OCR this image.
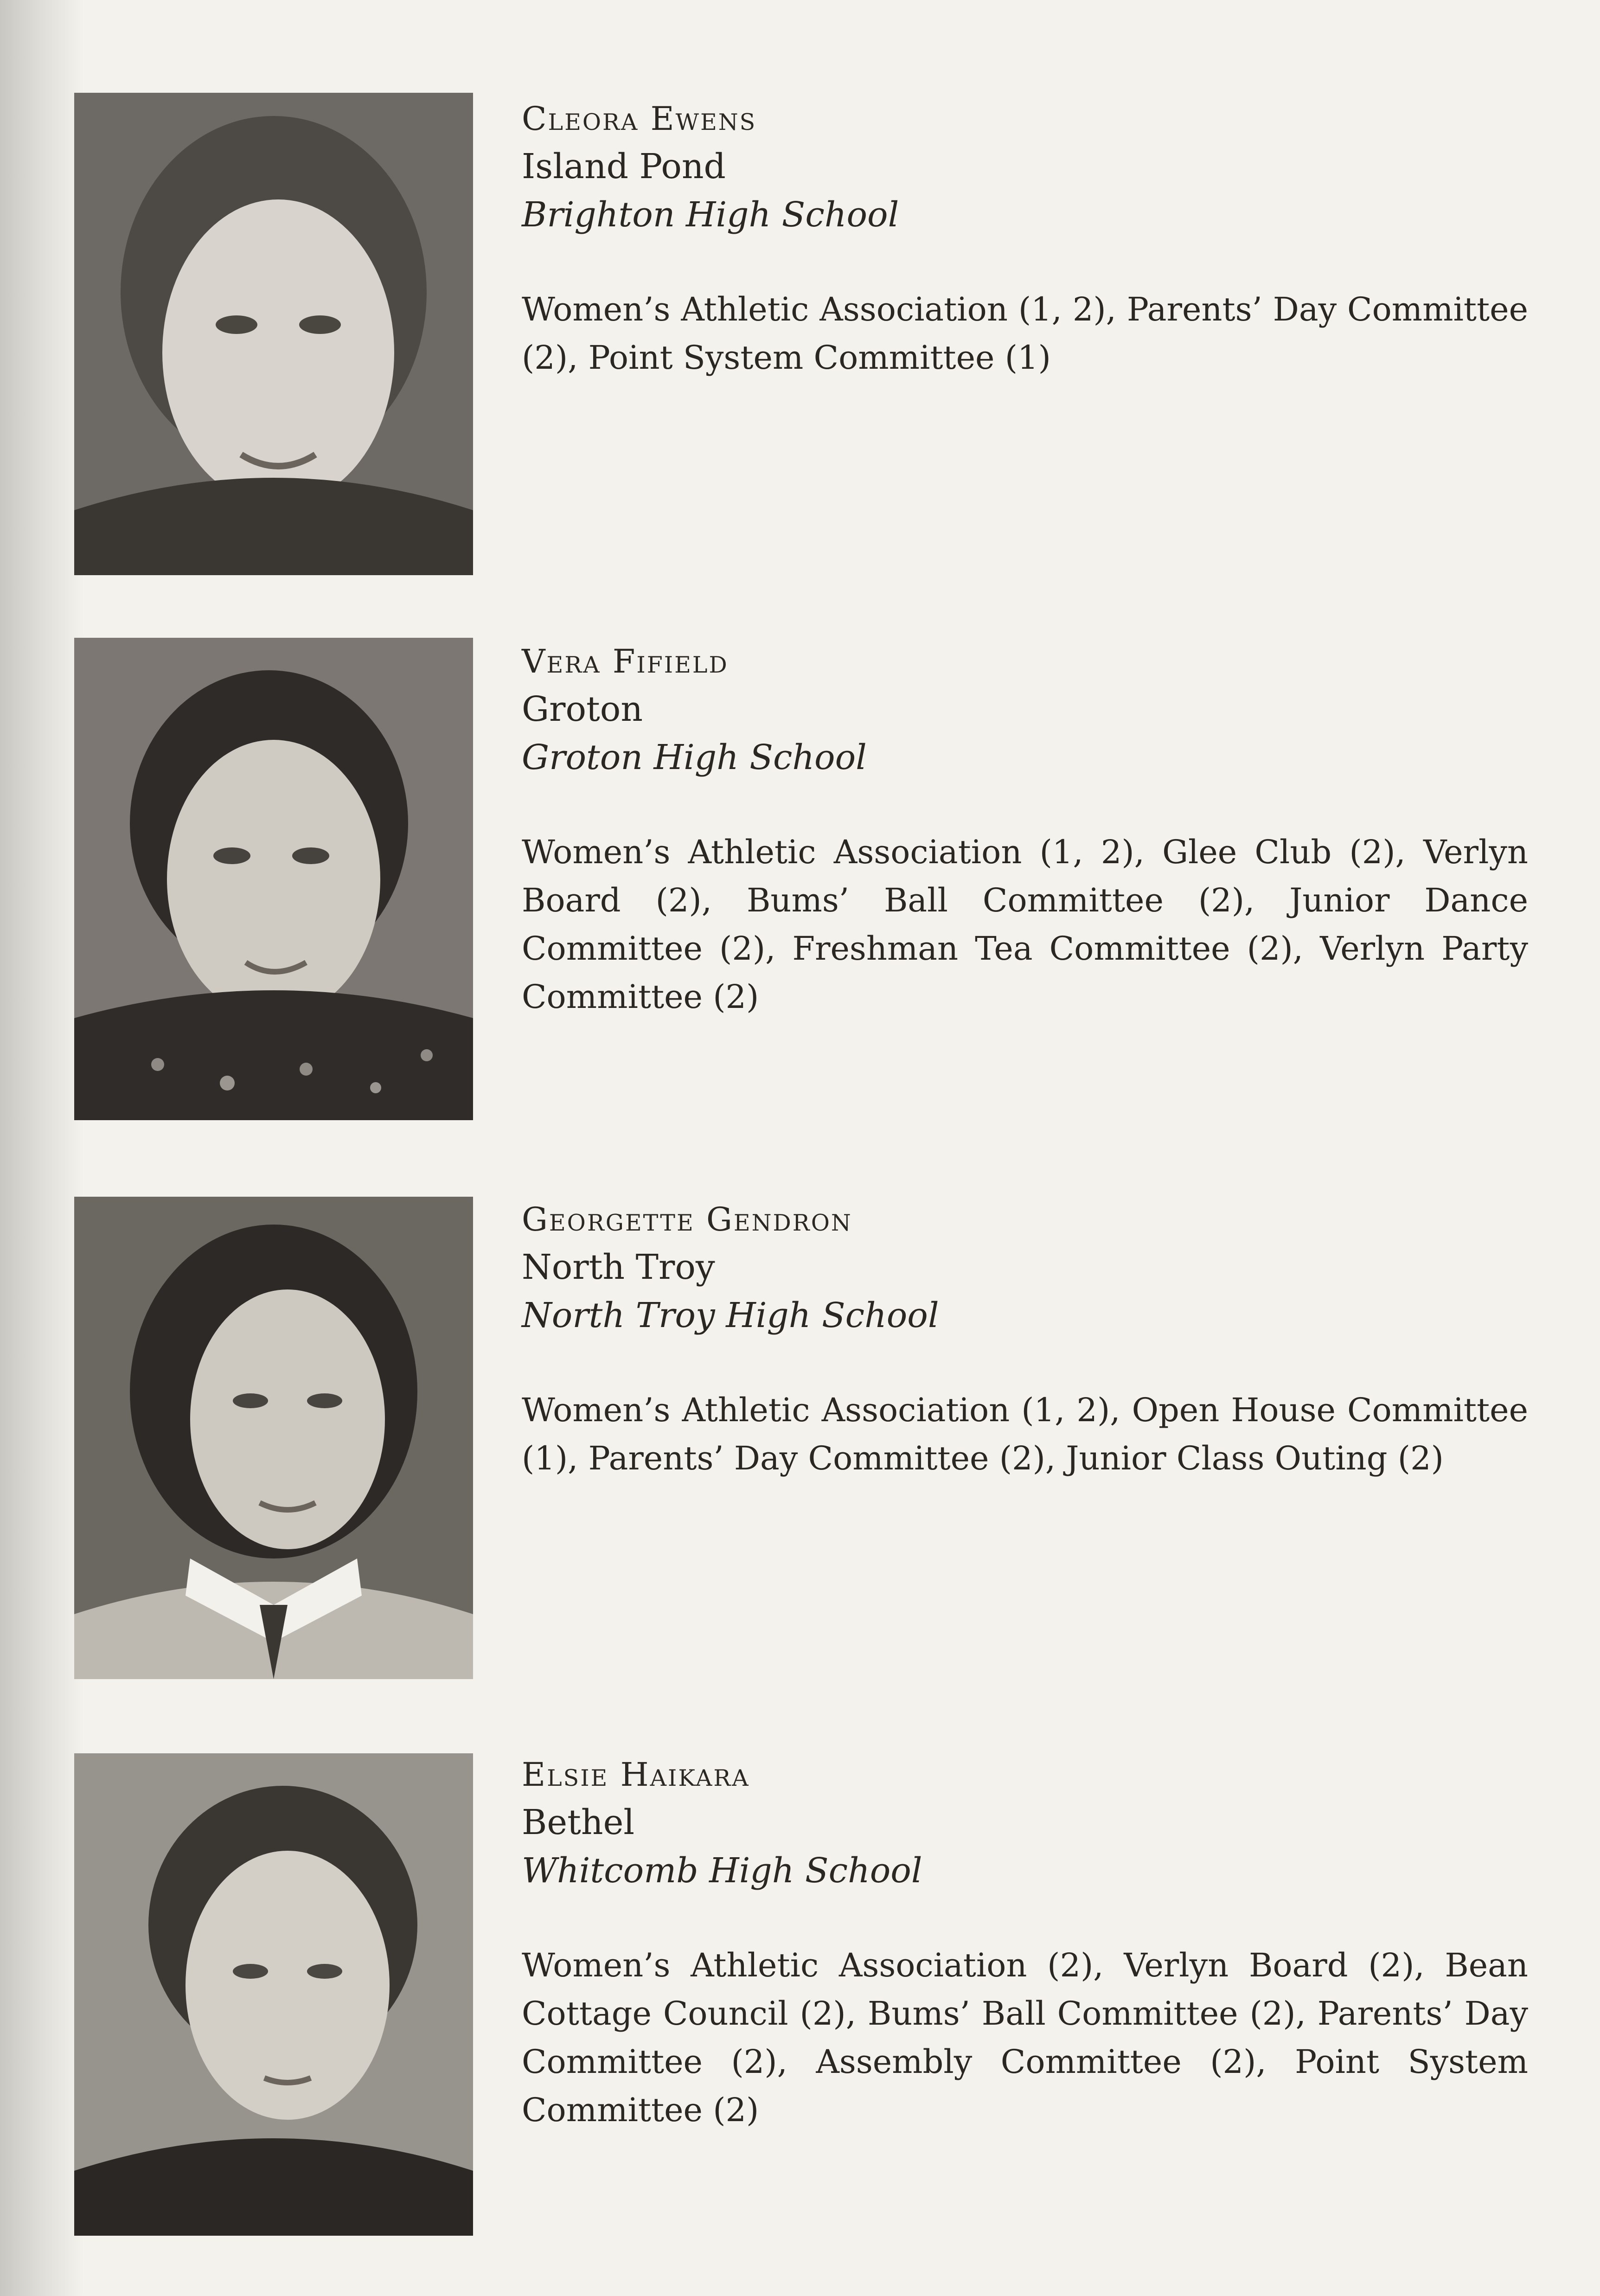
Cleora Ewens

Island Pond

Brighton High School

Women’s Athletic Association (1, 2), Parents’ Day Committee (2), Point System Committee (1)

Vera Fifield

Groton

Groton High School

Women’s Athletic Association (1, 2), Glee Club (2), Verlyn Board (2), Bums’ Ball Committee (2), Junior Dance Committee (2), Freshman Tea Committee (2), Verlyn Party Committee (2)

Georgette Gendron

North Troy

North Troy High School

Women’s Athletic Association (1, 2), Open House Committee (1), Parents’ Day Committee (2), Junior Class Outing (2)

Elsie Haikara

Bethel

Whitcomb High School

Women’s Athletic Association (2), Verlyn Board (2), Bean Cottage Council (2), Bums’ Ball Committee (2), Parents’ Day Committee (2), Assembly Committee (2), Point System Committee (2)
